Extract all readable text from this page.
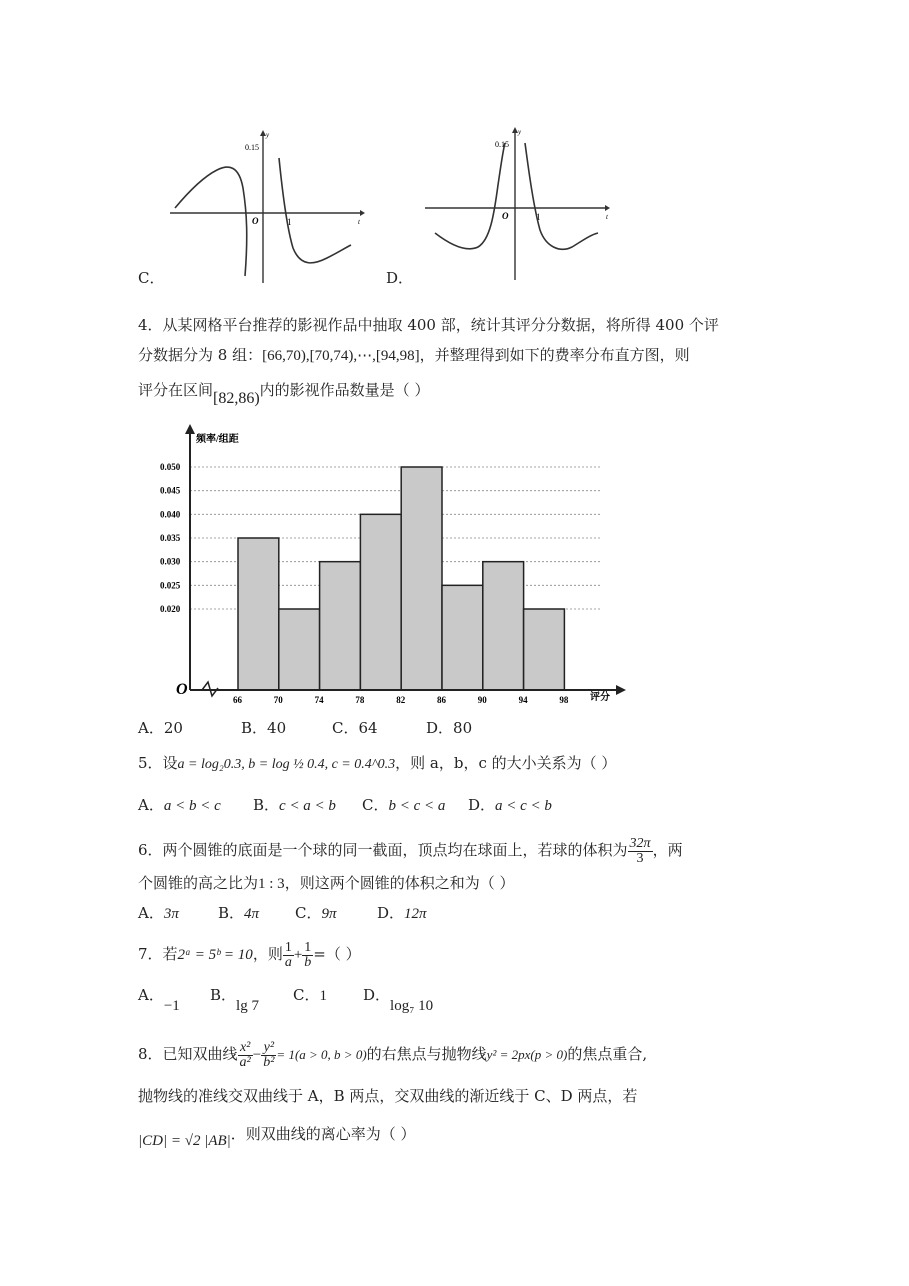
C．
0.15
y
O	1	t
D．
0.15
y
O	1	t
4．从某网格平台推荐的影视作品中抽取 400 部，统计其评分分数据，将所得 400 个评
分数据分为 8 组：[66,70),[70,74),⋯,[94,98]，并整理得到如下的费率分布直方图，则
评分在区间[82,86)内的影视作品数量是（ ）
0.050
0.045
0.040
0.035
0.030
0.025
0.020
66	70	74	78	82	86	90	94	98
频率/组距
评分
O
A．20	B．40	C．64	D．80
5．设a = log₂0.3, b = log ½ 0.4, c = 0.4^0.3，则 a，b，c 的大小关系为（ ）
A．a < b < c B．c < a < b C．b < c < a D．a < c < b
6．两个圆锥的底面是一个球的同一截面，顶点均在球面上，若球的体积为 $\frac{32\pi}{3}$ ，两
个圆锥的高之比为1 : 3，则这两个圆锥的体积之和为（ ）
A．3π	B．4π C．9π	D．12π
7．若2ᵃ = 5ᵇ = 10，则 $\frac{1}{a} + \frac{1}{b}$ =（ ）
A．−1
B．lg 7
C．1 D．log₇ 10
8．已知双曲线 $\frac{\text{x²}}{\text{a²}} - \frac{\text{y²}}{\text{b²}} = 1(a > 0$, b > 0)的右焦点与抛物线y² = 2px(p > 0)的焦点重合,
抛物线的准线交双曲线于 A，B 两点，交双曲线的渐近线于 C、D 两点，若
|CD| = √2 |AB|．则双曲线的离心率为（ ）
